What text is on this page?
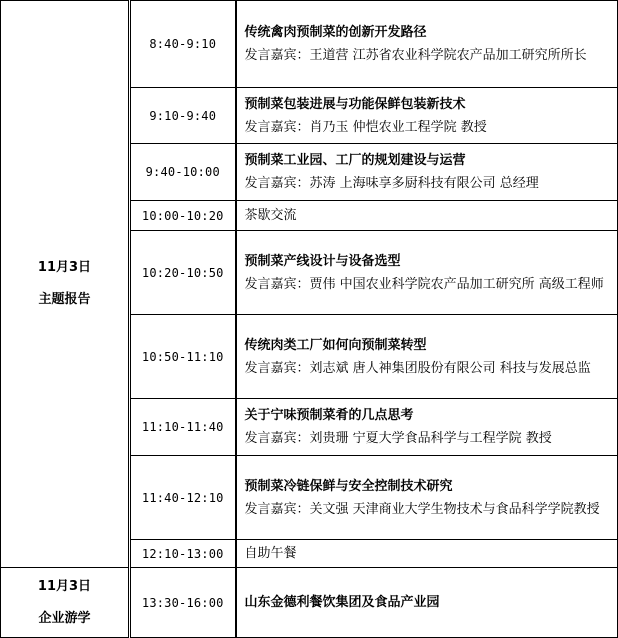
11月3日
主题报告	8:40-9:10	传统禽肉预制菜的创新开发路径
发言嘉宾：王道营 江苏省农业科学院农产品加工研究所所长

	9:10-9:40	预制菜包装进展与功能保鲜包装新技术
发言嘉宾：肖乃玉 仲恺农业工程学院 教授

	9:40-10:00	预制菜工业园、工厂的规划建设与运营
发言嘉宾：苏涛 上海味享多厨科技有限公司 总经理

	10:00-10:20	茶歇交流

	10:20-10:50	预制菜产线设计与设备选型
发言嘉宾：贾伟 中国农业科学院农产品加工研究所 高级工程师

	10:50-11:10	传统肉类工厂如何向预制菜转型
发言嘉宾：刘志斌 唐人神集团股份有限公司 科技与发展总监

	11:10-11:40	关于宁味预制菜肴的几点思考
发言嘉宾：刘贵珊 宁夏大学食品科学与工程学院 教授

	11:40-12:10	预制菜冷链保鲜与安全控制技术研究
发言嘉宾：关文强 天津商业大学生物技术与食品科学学院教授

	12:10-13:00	自助午餐

11月3日
企业游学	13:30-16:00	山东金德利餐饮集团及食品产业园
